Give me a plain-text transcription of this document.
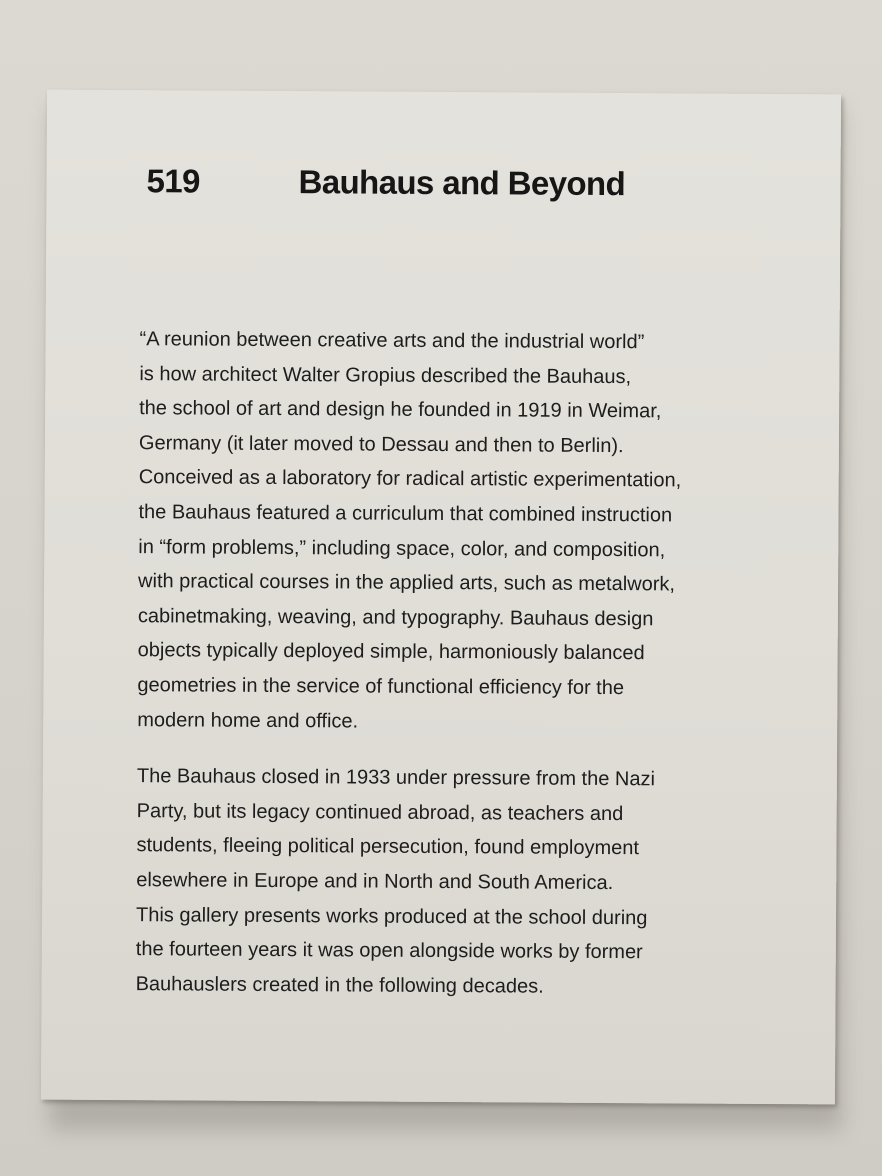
519	Bauhaus and Beyond

“A reunion between creative arts and the industrial world”
is how architect Walter Gropius described the Bauhaus,
the school of art and design he founded in 1919 in Weimar,
Germany (it later moved to Dessau and then to Berlin).
Conceived as a laboratory for radical artistic experimentation,
the Bauhaus featured a curriculum that combined instruction
in “form problems,” including space, color, and composition,
with practical courses in the applied arts, such as metalwork,
cabinetmaking, weaving, and typography. Bauhaus design
objects typically deployed simple, harmoniously balanced
geometries in the service of functional efficiency for the
modern home and office.

The Bauhaus closed in 1933 under pressure from the Nazi
Party, but its legacy continued abroad, as teachers and
students, fleeing political persecution, found employment
elsewhere in Europe and in North and South America.
This gallery presents works produced at the school during
the fourteen years it was open alongside works by former
Bauhauslers created in the following decades.
